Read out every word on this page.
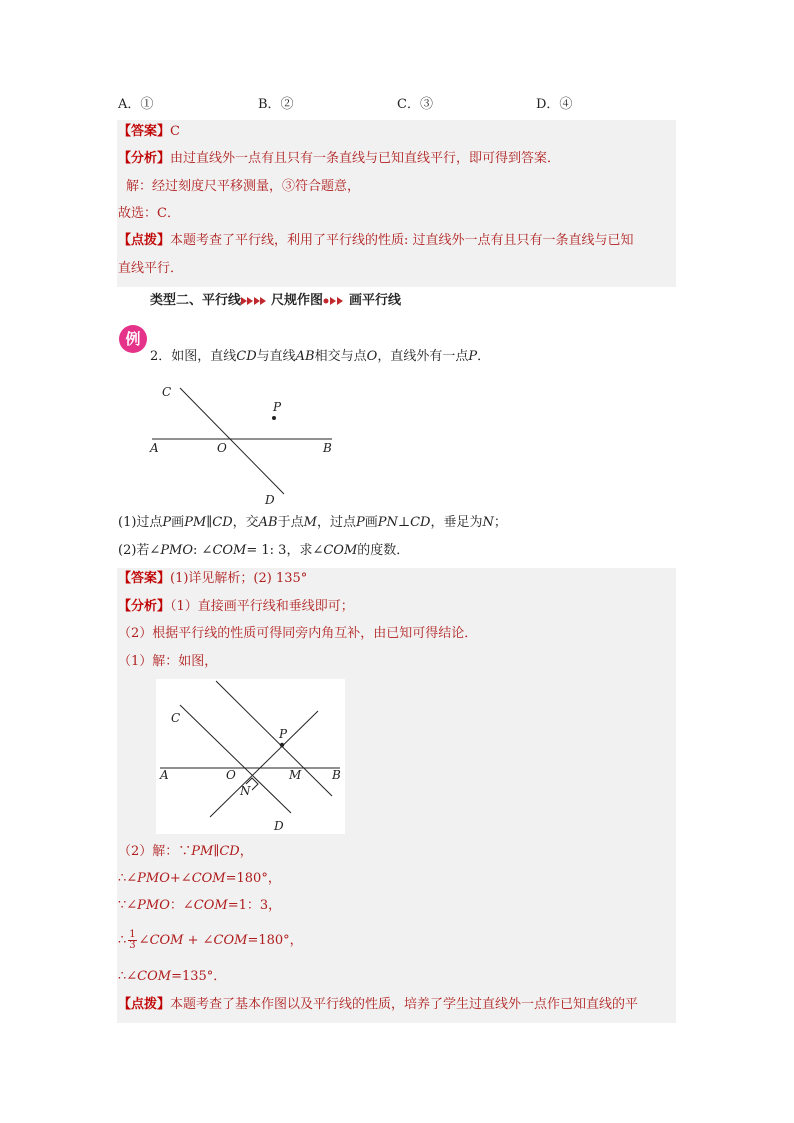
A．①	B．②	C．③	D．④
【答案】C
【分析】由过直线外一点有且只有一条直线与已知直线平行，即可得到答案．
解：经过刻度尺平移测量，③符合题意，
故选：C．
【点拨】本题考查了平行线，利用了平行线的性质: 过直线外一点有且只有一条直线与已知
直线平行．
类型二、平行线 尺规作图 画平行线
例
2．如图，直线CD与直线AB相交与点O，直线外有一点P．
C
P
A	O	B
D
(1)过点P画PM∥CD，交AB于点M，过点P画PN⊥CD，垂足为N；
(2)若∠PMO: ∠COM= 1: 3，求∠COM的度数．
【答案】(1)详见解析；(2) 135°
【分析】（1）直接画平行线和垂线即可；
（2）根据平行线的性质可得同旁内角互补，由已知可得结论．
（1）解：如图，
C
P
A	O	M	B
N
D
（2）解：∵PM∥CD，
∴∠PMO+∠COM=180°，
∵∠PMO：∠COM=1：3，
∴ $\frac{1}{3}$ ∠COM + ∠COM=180°，
∴∠COM=135°．
【点拨】本题考查了基本作图以及平行线的性质，培养了学生过直线外一点作已知直线的平
